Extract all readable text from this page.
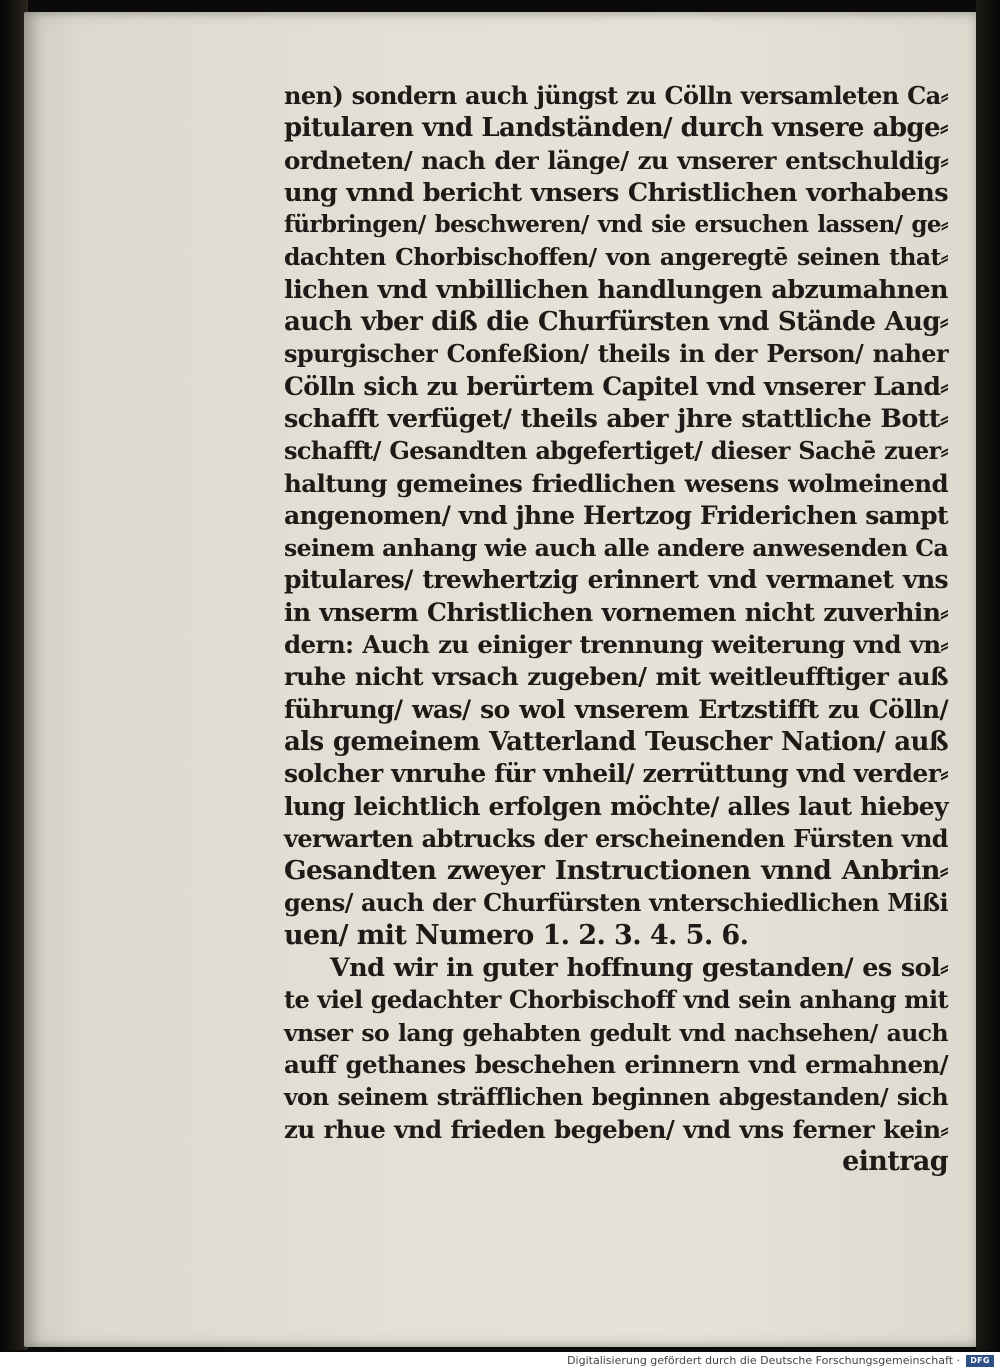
nen) sondern auch jüngst zu Cölln versamleten Ca⸗
pitularen vnd Landständen/ durch vnsere abge⸗
ordneten/ nach der länge/ zu vnserer entschuldig⸗
ung vnnd bericht vnsers Christlichen vorhabens
fürbringen/ beschweren/ vnd sie ersuchen lassen/ ge⸗
dachten Chorbischoffen/ von angeregtē seinen that⸗
lichen vnd vnbillichen handlungen abzumahnen
auch vber diß die Churfürsten vnd Stände Aug⸗
spurgischer Confeßion/ theils in der Person/ naher
Cölln sich zu berürtem Capitel vnd vnserer Land⸗
schafft verfüget/ theils aber jhre stattliche Bott⸗
schafft/ Gesandten abgefertiget/ dieser Sachē zuer⸗
haltung gemeines friedlichen wesens wolmeinend
angenomen/ vnd jhne Hertzog Friderichen sampt
seinem anhang wie auch alle andere anwesenden Ca
pitulares/ trewhertzig erinnert vnd vermanet vns
in vnserm Christlichen vornemen nicht zuverhin⸗
dern: Auch zu einiger trennung weiterung vnd vn⸗
ruhe nicht vrsach zugeben/ mit weitleufftiger auß
führung/ was/ so wol vnserem Ertzstifft zu Cölln/
als gemeinem Vatterland Teuscher Nation/ auß
solcher vnruhe für vnheil/ zerrüttung vnd verder⸗
lung leichtlich erfolgen möchte/ alles laut hiebey
verwarten abtrucks der erscheinenden Fürsten vnd
Gesandten zweyer Instructionen vnnd Anbrin⸗
gens/ auch der Churfürsten vnterschiedlichen Mißi
uen/ mit Numero 1. 2. 3. 4. 5. 6.
Vnd wir in guter hoffnung gestanden/ es sol⸗
te viel gedachter Chorbischoff vnd sein anhang mit
vnser so lang gehabten gedult vnd nachsehen/ auch
auff gethanes beschehen erinnern vnd ermahnen/
von seinem sträfflichen beginnen abgestanden/ sich
zu rhue vnd frieden begeben/ vnd vns ferner kein⸗
eintrag
Digitalisierung gefördert durch die Deutsche Forschungsgemeinschaft ·	DFG
